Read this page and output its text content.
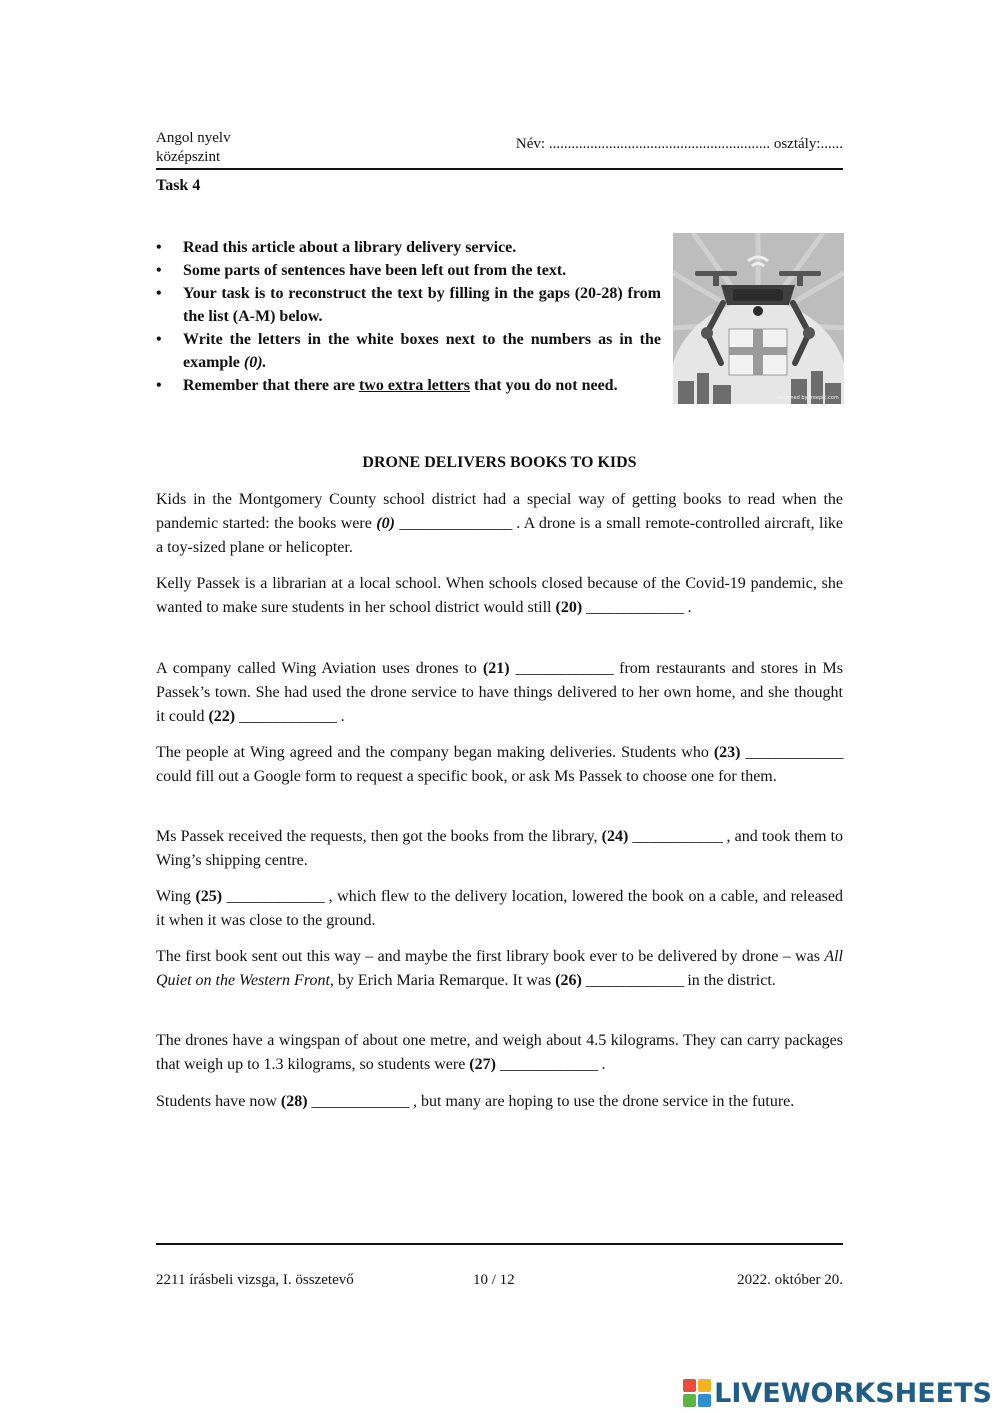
Angol nyelv
középszint
Név: ........................................................... osztály:......
Task 4
• Read this article about a library delivery service.
• Some parts of sentences have been left out from the text.
• Your task is to reconstruct the text by filling in the gaps (20-28) from the list (A-M) below.
• Write the letters in the white boxes next to the numbers as in the example (0).
• Remember that there are two extra letters that you do not need.
designed by freepik.com
DRONE DELIVERS BOOKS TO KIDS

Kids in the Montgomery County school district had a special way of getting books to read when the pandemic started: the books were (0) _______________ . A drone is a small remote-controlled aircraft, like a toy-sized plane or helicopter.

Kelly Passek is a librarian at a local school. When schools closed because of the Covid-19 pandemic, she wanted to make sure students in her school district would still (20) _____________ .

A company called Wing Aviation uses drones to (21) _____________ from restaurants and stores in Ms Passek’s town. She had used the drone service to have things delivered to her own home, and she thought it could (22) _____________ .

The people at Wing agreed and the company began making deliveries. Students who (23) _____________ could fill out a Google form to request a specific book, or ask Ms Passek to choose one for them.

Ms Passek received the requests, then got the books from the library, (24) ____________ , and took them to Wing’s shipping centre.

Wing (25) _____________ , which flew to the delivery location, lowered the book on a cable, and released it when it was close to the ground.

The first book sent out this way – and maybe the first library book ever to be delivered by drone – was All Quiet on the Western Front, by Erich Maria Remarque. It was (26) _____________ in the district.

The drones have a wingspan of about one metre, and weigh about 4.5 kilograms. They can carry packages that weigh up to 1.3 kilograms, so students were (27) _____________ .

Students have now (28) _____________ , but many are hoping to use the drone service in the future.

2211 írásbeli vizsga, I. összetevő	10 / 12	2022. október 20.
LIVEWORKSHEETS
